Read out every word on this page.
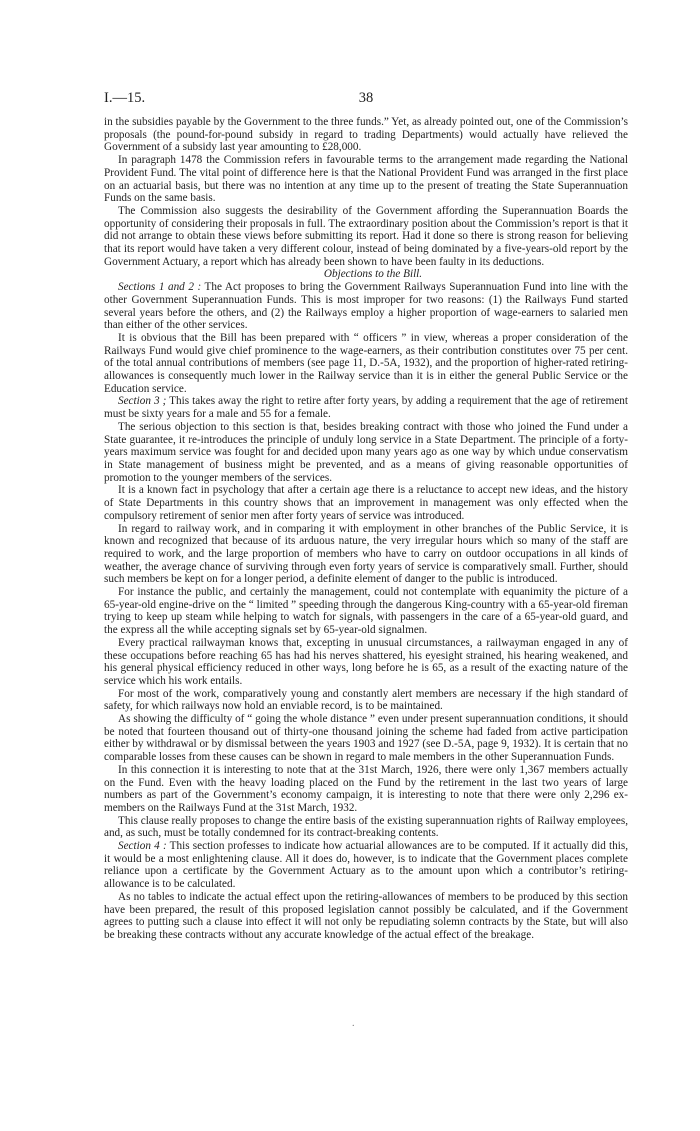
I.—15.	38

in the subsidies payable by the Government to the three funds.” Yet, as already pointed out, one of the Commission’s proposals (the pound-for-pound subsidy in regard to trading Departments) would actually have relieved the Government of a subsidy last year amounting to £28,000.

In paragraph 1478 the Commission refers in favourable terms to the arrangement made regarding the National Provident Fund. The vital point of difference here is that the National Provident Fund was arranged in the first place on an actuarial basis, but there was no intention at any time up to the present of treating the State Superannuation Funds on the same basis.

The Commission also suggests the desirability of the Government affording the Superannuation Boards the opportunity of considering their proposals in full. The extraordinary position about the Commission’s report is that it did not arrange to obtain these views before submitting its report. Had it done so there is strong reason for believing that its report would have taken a very different colour, instead of being dominated by a five-years-old report by the Government Actuary, a report which has already been shown to have been faulty in its deductions.

Objections to the Bill.

Sections 1 and 2 : The Act proposes to bring the Government Railways Superannuation Fund into line with the other Government Superannuation Funds. This is most improper for two reasons: (1) the Railways Fund started several years before the others, and (2) the Railways employ a higher proportion of wage-earners to salaried men than either of the other services.

It is obvious that the Bill has been prepared with “ officers ” in view, whereas a proper consideration of the Railways Fund would give chief prominence to the wage-earners, as their contribution constitutes over 75 per cent. of the total annual contributions of members (see page 11, D.-5A, 1932), and the proportion of higher-rated retiring-allowances is consequently much lower in the Railway service than it is in either the general Public Service or the Education service.

Section 3 ; This takes away the right to retire after forty years, by adding a requirement that the age of retirement must be sixty years for a male and 55 for a female.

The serious objection to this section is that, besides breaking contract with those who joined the Fund under a State guarantee, it re-introduces the principle of unduly long service in a State Department. The principle of a forty-years maximum service was fought for and decided upon many years ago as one way by which undue conservatism in State management of business might be prevented, and as a means of giving reasonable opportunities of promotion to the younger members of the services.

It is a known fact in psychology that after a certain age there is a reluctance to accept new ideas, and the history of State Departments in this country shows that an improvement in management was only effected when the compulsory retirement of senior men after forty years of service was introduced.

In regard to railway work, and in comparing it with employment in other branches of the Public Service, it is known and recognized that because of its arduous nature, the very irregular hours which so many of the staff are required to work, and the large proportion of members who have to carry on outdoor occupations in all kinds of weather, the average chance of surviving through even forty years of service is comparatively small. Further, should such members be kept on for a longer period, a definite element of danger to the public is introduced.

For instance the public, and certainly the management, could not contemplate with equanimity the picture of a 65-year-old engine-drive on the “ limited ” speeding through the dangerous King-country with a 65-year-old fireman trying to keep up steam while helping to watch for signals, with passengers in the care of a 65-year-old guard, and the express all the while accepting signals set by 65-year-old signalmen.

Every practical railwayman knows that, excepting in unusual circumstances, a railwayman engaged in any of these occupations before reaching 65 has had his nerves shattered, his eyesight strained, his hearing weakened, and his general physical efficiency reduced in other ways, long before he is 65, as a result of the exacting nature of the service which his work entails.

For most of the work, comparatively young and constantly alert members are necessary if the high standard of safety, for which railways now hold an enviable record, is to be maintained.

As showing the difficulty of “ going the whole distance ” even under present superannuation conditions, it should be noted that fourteen thousand out of thirty-one thousand joining the scheme had faded from active participation either by withdrawal or by dismissal between the years 1903 and 1927 (see D.-5A, page 9, 1932). It is certain that no comparable losses from these causes can be shown in regard to male members in the other Superannuation Funds.

In this connection it is interesting to note that at the 31st March, 1926, there were only 1,367 members actually on the Fund. Even with the heavy loading placed on the Fund by the retirement in the last two years of large numbers as part of the Government’s economy campaign, it is interesting to note that there were only 2,296 ex-members on the Railways Fund at the 31st March, 1932.

This clause really proposes to change the entire basis of the existing superannuation rights of Railway employees, and, as such, must be totally condemned for its contract-breaking contents.

Section 4 : This section professes to indicate how actuarial allowances are to be computed. If it actually did this, it would be a most enlightening clause. All it does do, however, is to indicate that the Government places complete reliance upon a certificate by the Government Actuary as to the amount upon which a contributor’s retiring-allowance is to be calculated.

As no tables to indicate the actual effect upon the retiring-allowances of members to be produced by this section have been prepared, the result of this proposed legislation cannot possibly be calculated, and if the Government agrees to putting such a clause into effect it will not only be repudiating solemn contracts by the State, but will also be breaking these contracts without any accurate knowledge of the actual effect of the breakage.

.
